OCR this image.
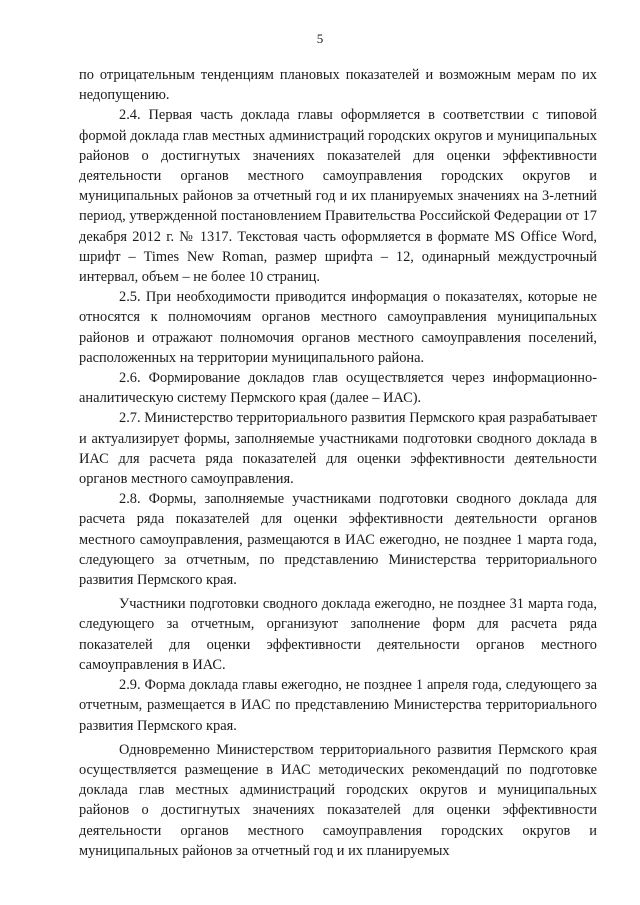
5

по отрицательным тенденциям плановых показателей и возможным мерам по их недопущению.

2.4. Первая часть доклада главы оформляется в соответствии с типовой формой доклада глав местных администраций городских округов и муниципальных районов о достигнутых значениях показателей для оценки эффективности деятельности органов местного самоуправления городских округов и муниципальных районов за отчетный год и их планируемых значениях на 3-летний период, утвержденной постановлением Правительства Российской Федерации от 17 декабря 2012 г. № 1317. Текстовая часть оформляется в формате MS Office Word, шрифт – Times New Roman, размер шрифта – 12, одинарный междустрочный интервал, объем – не более 10 страниц.

2.5. При необходимости приводится информация о показателях, которые не относятся к полномочиям органов местного самоуправления муниципальных районов и отражают полномочия органов местного самоуправления поселений, расположенных на территории муниципального района.

2.6. Формирование докладов глав осуществляется через информационно-аналитическую систему Пермского края (далее – ИАС).

2.7. Министерство территориального развития Пермского края разрабатывает и актуализирует формы, заполняемые участниками подготовки сводного доклада в ИАС для расчета ряда показателей для оценки эффективности деятельности органов местного самоуправления.

2.8. Формы, заполняемые участниками подготовки сводного доклада для расчета ряда показателей для оценки эффективности деятельности органов местного самоуправления, размещаются в ИАС ежегодно, не позднее 1 марта года, следующего за отчетным, по представлению Министерства территориального развития Пермского края.

Участники подготовки сводного доклада ежегодно, не позднее 31 марта года, следующего за отчетным, организуют заполнение форм для расчета ряда показателей для оценки эффективности деятельности органов местного самоуправления в ИАС.

2.9. Форма доклада главы ежегодно, не позднее 1 апреля года, следующего за отчетным, размещается в ИАС по представлению Министерства территориального развития Пермского края.

Одновременно Министерством территориального развития Пермского края осуществляется размещение в ИАС методических рекомендаций по подготовке доклада глав местных администраций городских округов и муниципальных районов о достигнутых значениях показателей для оценки эффективности деятельности органов местного самоуправления городских округов и муниципальных районов за отчетный год и их планируемых
